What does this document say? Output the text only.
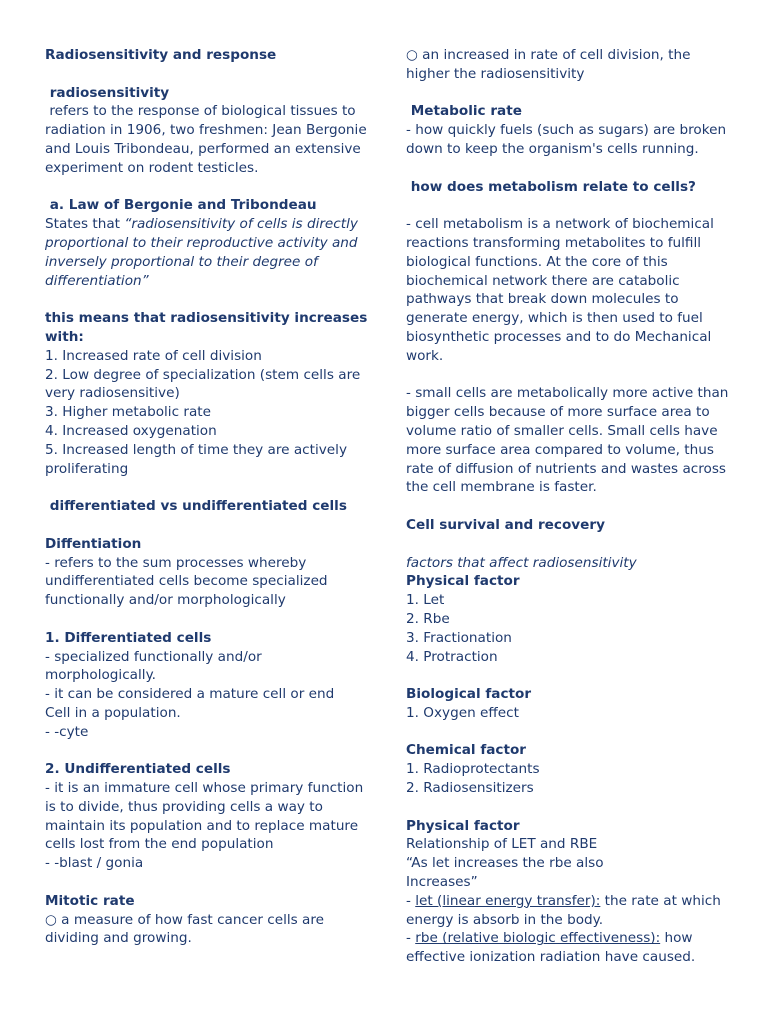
Radiosensitivity and response
radiosensitivity
refers to the response of biological tissues to
radiation in 1906, two freshmen: Jean Bergonie
and Louis Tribondeau, performed an extensive
experiment on rodent testicles.
a. Law of Bergonie and Tribondeau
States that “radiosensitivity of cells is directly
proportional to their reproductive activity and
inversely proportional to their degree of
differentiation”
this means that radiosensitivity increases
with:
1. Increased rate of cell division
2. Low degree of specialization (stem cells are
very radiosensitive)
3. Higher metabolic rate
4. Increased oxygenation
5. Increased length of time they are actively
proliferating
differentiated vs undifferentiated cells
Diffentiation
- refers to the sum processes whereby
undifferentiated cells become specialized
functionally and/or morphologically
1. Differentiated cells
- specialized functionally and/or
morphologically.
- it can be considered a mature cell or end
Cell in a population.
- -cyte
2. Undifferentiated cells
- it is an immature cell whose primary function
is to divide, thus providing cells a way to
maintain its population and to replace mature
cells lost from the end population
- -blast / gonia
Mitotic rate
○ a measure of how fast cancer cells are
dividing and growing.
○ an increased in rate of cell division, the
higher the radiosensitivity
Metabolic rate
- how quickly fuels (such as sugars) are broken
down to keep the organism's cells running.
how does metabolism relate to cells?
- cell metabolism is a network of biochemical
reactions transforming metabolites to fulfill
biological functions. At the core of this
biochemical network there are catabolic
pathways that break down molecules to
generate energy, which is then used to fuel
biosynthetic processes and to do Mechanical
work.
- small cells are metabolically more active than
bigger cells because of more surface area to
volume ratio of smaller cells. Small cells have
more surface area compared to volume, thus
rate of diffusion of nutrients and wastes across
the cell membrane is faster.
Cell survival and recovery
factors that affect radiosensitivity
Physical factor
1. Let
2. Rbe
3. Fractionation
4. Protraction
Biological factor
1. Oxygen effect
Chemical factor
1. Radioprotectants
2. Radiosensitizers
Physical factor
Relationship of LET and RBE
“As let increases the rbe also
Increases”
- let (linear energy transfer): the rate at which
energy is absorb in the body.
- rbe (relative biologic effectiveness): how
effective ionization radiation have caused.
